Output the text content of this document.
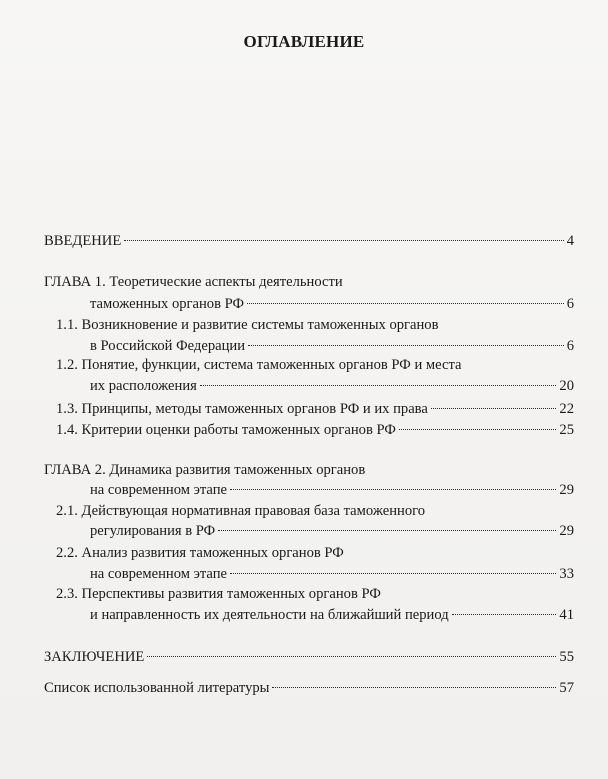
ОГЛАВЛЕНИЕ
ВВЕДЕНИЕ	4
ГЛАВА 1. Теоретические аспекты деятельности
таможенных органов РФ	6
1.1. Возникновение и развитие системы таможенных органов
в Российской Федерации	6
1.2. Понятие, функции, система таможенных органов РФ и места
их расположения	20
1.3. Принципы, методы таможенных органов РФ и их права	22
1.4. Критерии оценки работы таможенных органов РФ	25
ГЛАВА 2. Динамика развития таможенных органов
на современном этапе	29
2.1. Действующая нормативная правовая база таможенного
регулирования в РФ	29
2.2. Анализ развития таможенных органов РФ
на современном этапе	33
2.3. Перспективы развития таможенных органов РФ
и направленность их деятельности на ближайший период	41
ЗАКЛЮЧЕНИЕ	55
Список использованной литературы	57
